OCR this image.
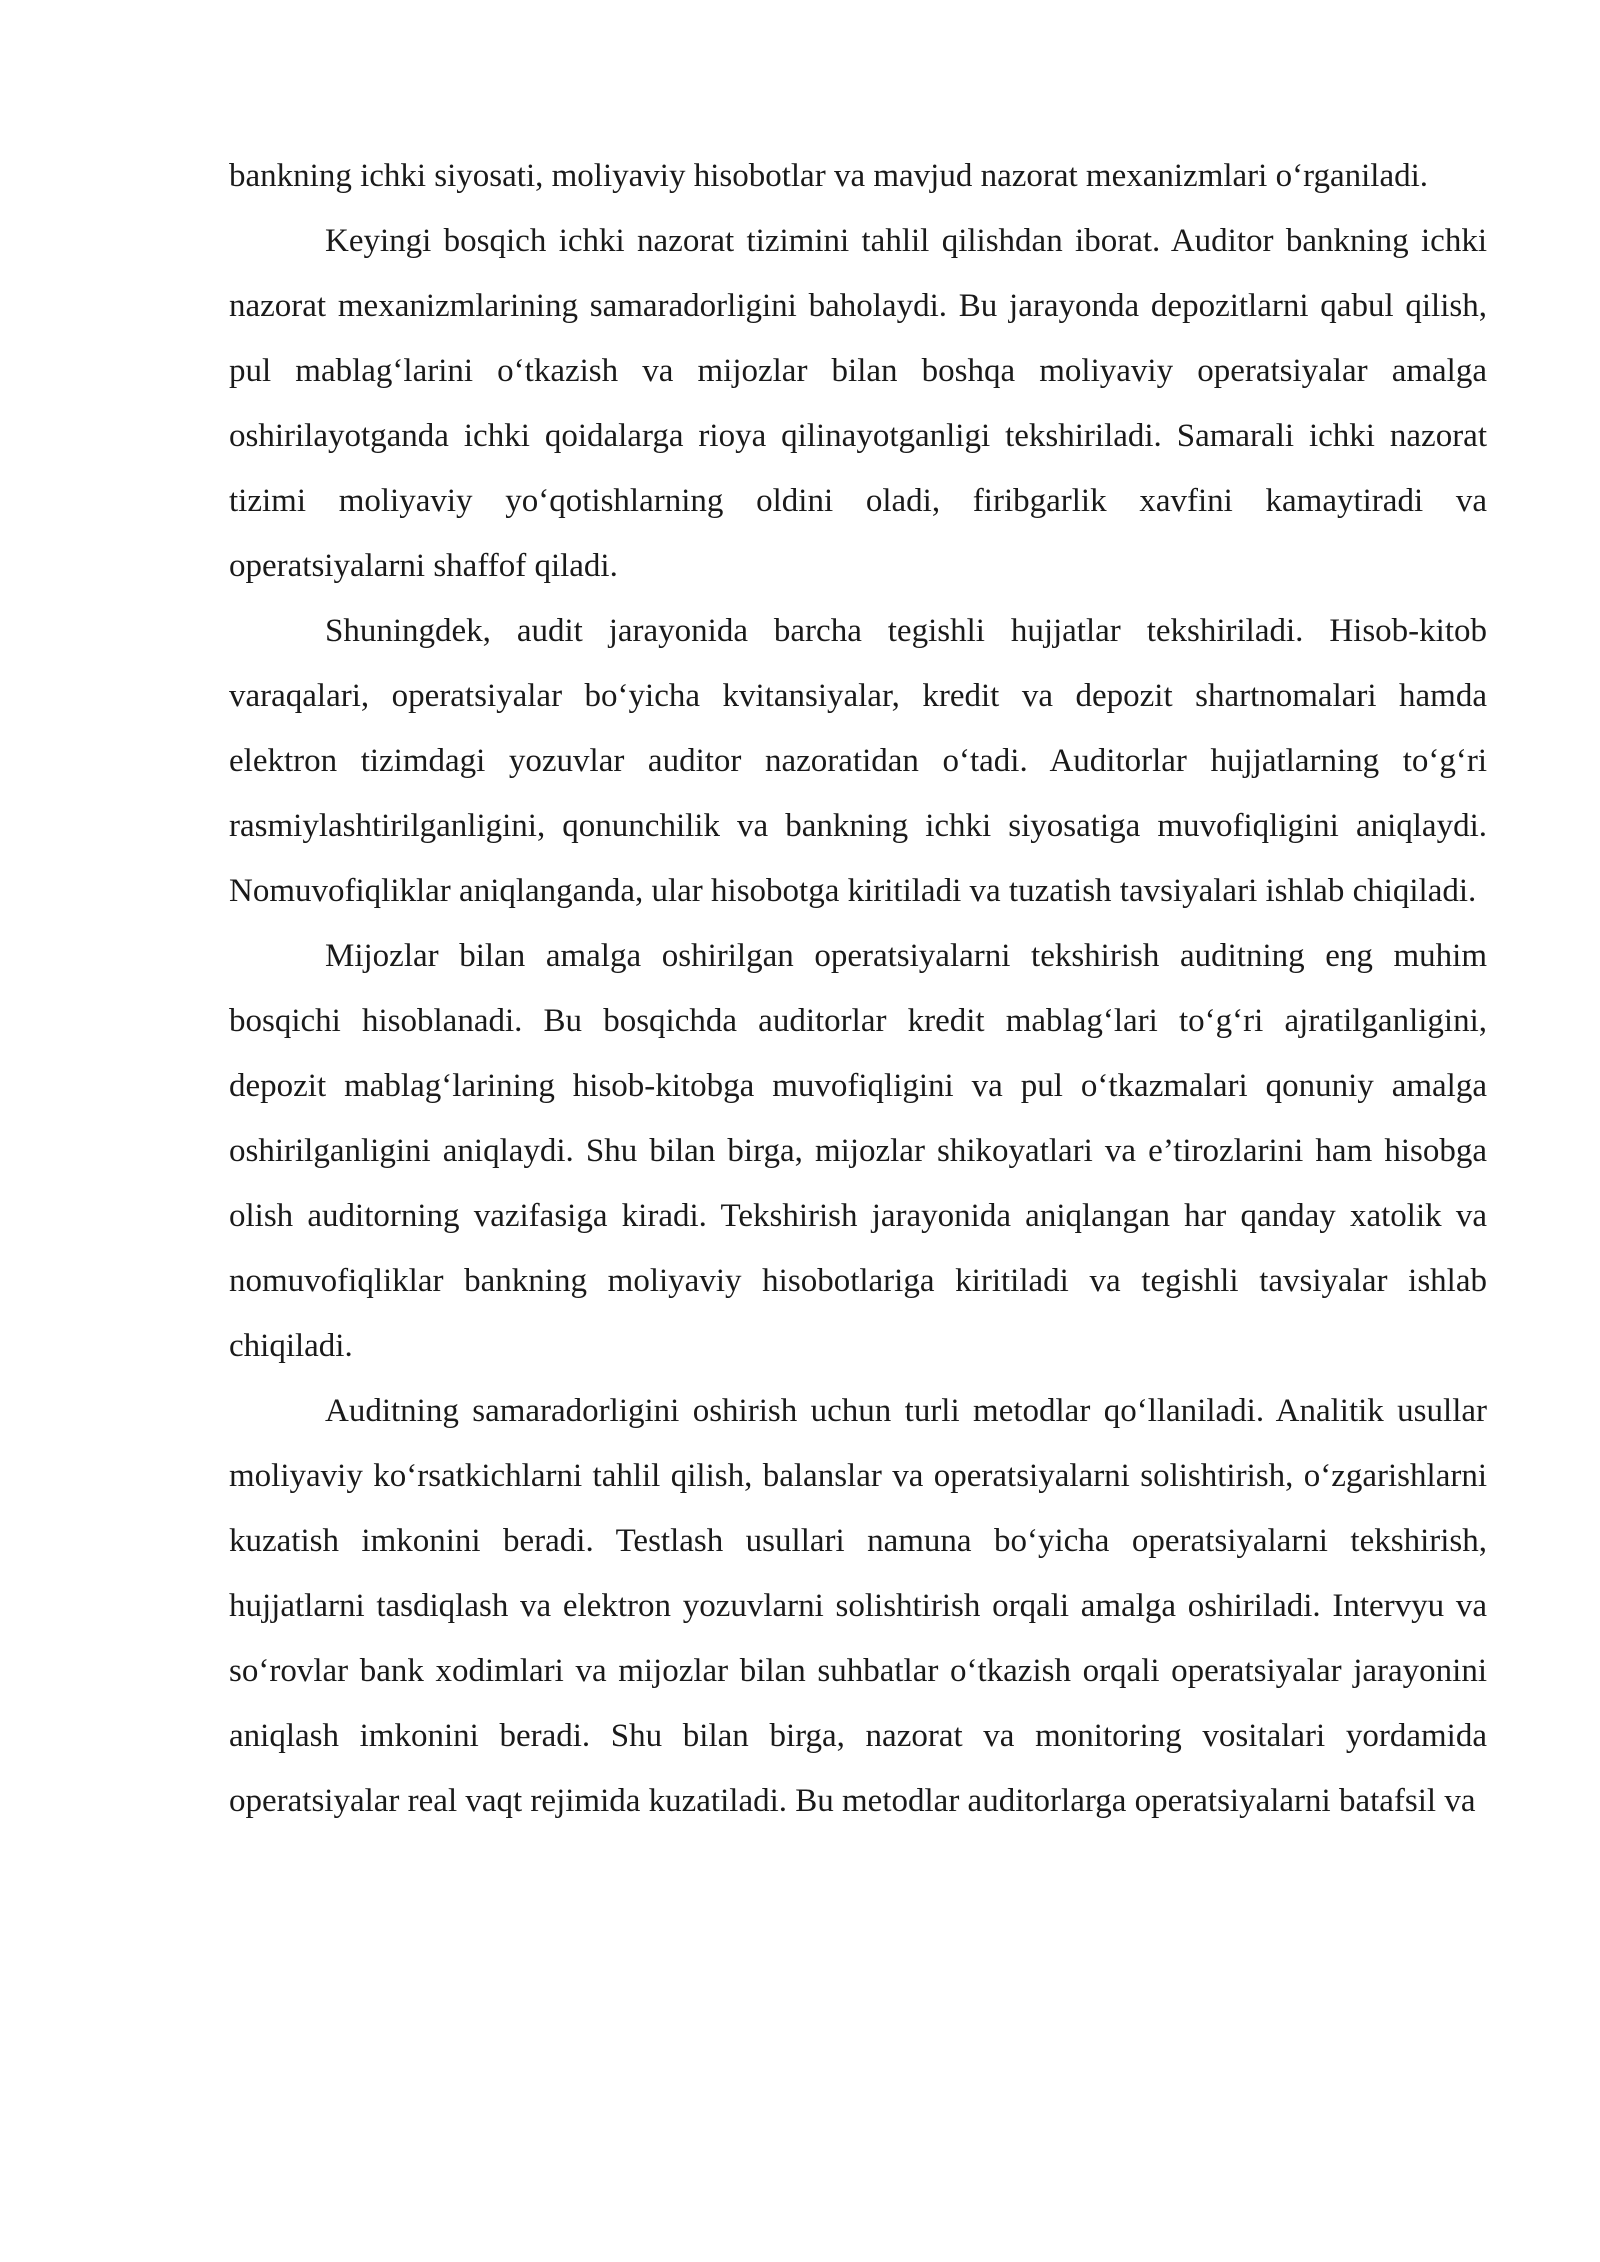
bankning ichki siyosati, moliyaviy hisobotlar va mavjud nazorat mexanizmlari o‘rganiladi.

Keyingi bosqich ichki nazorat tizimini tahlil qilishdan iborat. Auditor bankning ichki nazorat mexanizmlarining samaradorligini baholaydi. Bu jarayonda depozitlarni qabul qilish, pul mablag‘larini o‘tkazish va mijozlar bilan boshqa moliyaviy operatsiyalar amalga oshirilayotganda ichki qoidalarga rioya qilinayotganligi tekshiriladi. Samarali ichki nazorat tizimi moliyaviy yo‘qotishlarning oldini oladi, firibgarlik xavfini kamaytiradi va operatsiyalarni shaffof qiladi.

Shuningdek, audit jarayonida barcha tegishli hujjatlar tekshiriladi. Hisob-kitob varaqalari, operatsiyalar bo‘yicha kvitansiyalar, kredit va depozit shartnomalari hamda elektron tizimdagi yozuvlar auditor nazoratidan o‘tadi. Auditorlar hujjatlarning to‘g‘ri rasmiylashtirilganligini, qonunchilik va bankning ichki siyosatiga muvofiqligini aniqlaydi. Nomuvofiqliklar aniqlanganda, ular hisobotga kiritiladi va tuzatish tavsiyalari ishlab chiqiladi.

Mijozlar bilan amalga oshirilgan operatsiyalarni tekshirish auditning eng muhim bosqichi hisoblanadi. Bu bosqichda auditorlar kredit mablag‘lari to‘g‘ri ajratilganligini, depozit mablag‘larining hisob-kitobga muvofiqligini va pul o‘tkazmalari qonuniy amalga oshirilganligini aniqlaydi. Shu bilan birga, mijozlar shikoyatlari va e’tirozlarini ham hisobga olish auditorning vazifasiga kiradi. Tekshirish jarayonida aniqlangan har qanday xatolik va nomuvofiqliklar bankning moliyaviy hisobotlariga kiritiladi va tegishli tavsiyalar ishlab chiqiladi.

Auditning samaradorligini oshirish uchun turli metodlar qo‘llaniladi. Analitik usullar moliyaviy ko‘rsatkichlarni tahlil qilish, balanslar va operatsiyalarni solishtirish, o‘zgarishlarni kuzatish imkonini beradi. Testlash usullari namuna bo‘yicha operatsiyalarni tekshirish, hujjatlarni tasdiqlash va elektron yozuvlarni solishtirish orqali amalga oshiriladi. Intervyu va so‘rovlar bank xodimlari va mijozlar bilan suhbatlar o‘tkazish orqali operatsiyalar jarayonini aniqlash imkonini beradi. Shu bilan birga, nazorat va monitoring vositalari yordamida operatsiyalar real vaqt rejimida kuzatiladi. Bu metodlar auditorlarga operatsiyalarni batafsil va
